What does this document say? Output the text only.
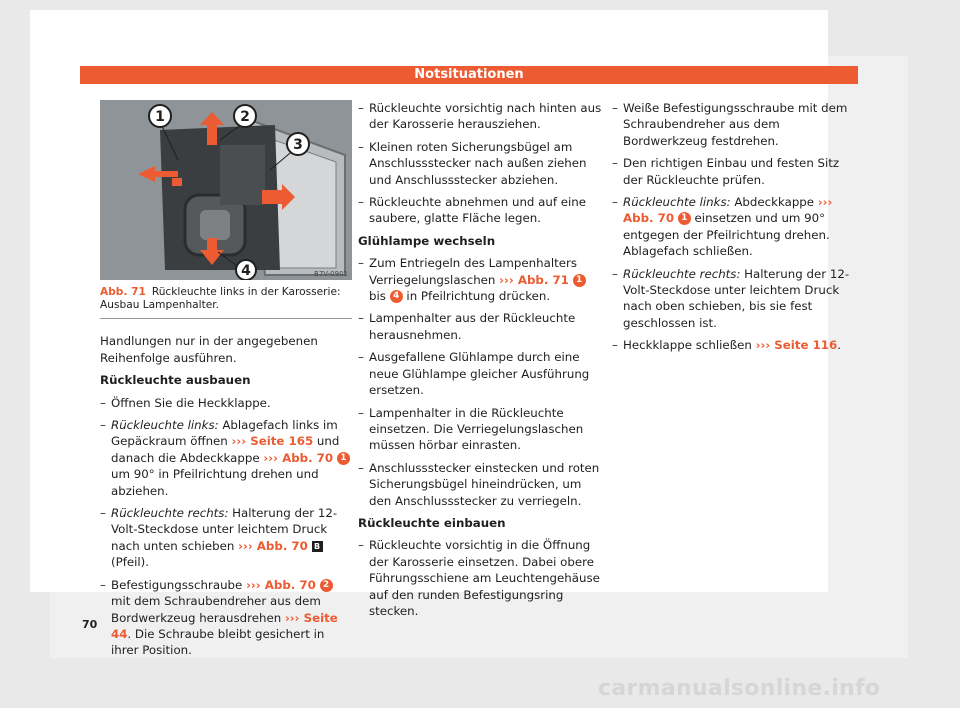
Notsituationen
1	2
3
4	B7V-0901
Abb. 71 Rückleuchte links in der Karosserie: Ausbau Lampenhalter.

Handlungen nur in der angegebenen Reihenfolge ausführen.

Rückleuchte ausbauen

– Öffnen Sie die Heckklappe.
– Rückleuchte links: Ablagefach links im Gepäckraum öffnen ››› Seite 165 und danach die Abdeckkappe ››› Abb. 70 1 um 90° in Pfeilrichtung drehen und abziehen.
– Rückleuchte rechts: Halterung der 12-Volt-Steckdose unter leichtem Druck nach unten schieben ››› Abb. 70 B (Pfeil).
– Befestigungsschraube ››› Abb. 70 2 mit dem Schraubendreher aus dem Bordwerkzeug herausdrehen ››› Seite 44. Die Schraube bleibt gesichert in ihrer Position.
– Rückleuchte vorsichtig nach hinten aus der Karosserie herausziehen.
– Kleinen roten Sicherungsbügel am Anschlussstecker nach außen ziehen und Anschlussstecker abziehen.
– Rückleuchte abnehmen und auf eine saubere, glatte Fläche legen.

Glühlampe wechseln

– Zum Entriegeln des Lampenhalters Verriegelungslaschen ››› Abb. 71 1 bis 4 in Pfeilrichtung drücken.
– Lampenhalter aus der Rückleuchte herausnehmen.
– Ausgefallene Glühlampe durch eine neue Glühlampe gleicher Ausführung ersetzen.
– Lampenhalter in die Rückleuchte einsetzen. Die Verriegelungslaschen müssen hörbar einrasten.
– Anschlussstecker einstecken und roten Sicherungsbügel hineindrücken, um den Anschlussstecker zu verriegeln.

Rückleuchte einbauen

– Rückleuchte vorsichtig in die Öffnung der Karosserie einsetzen. Dabei obere Führungsschiene am Leuchtengehäuse auf den runden Befestigungsring stecken.
– Weiße Befestigungsschraube mit dem Schraubendreher aus dem Bordwerkzeug festdrehen.
– Den richtigen Einbau und festen Sitz der Rückleuchte prüfen.
– Rückleuchte links: Abdeckkappe ››› Abb. 70 1 einsetzen und um 90° entgegen der Pfeilrichtung drehen. Ablagefach schließen.
– Rückleuchte rechts: Halterung der 12-Volt-Steckdose unter leichtem Druck nach oben schieben, bis sie fest geschlossen ist.
– Heckklappe schließen ››› Seite 116.
70
carmanualsonline.info
